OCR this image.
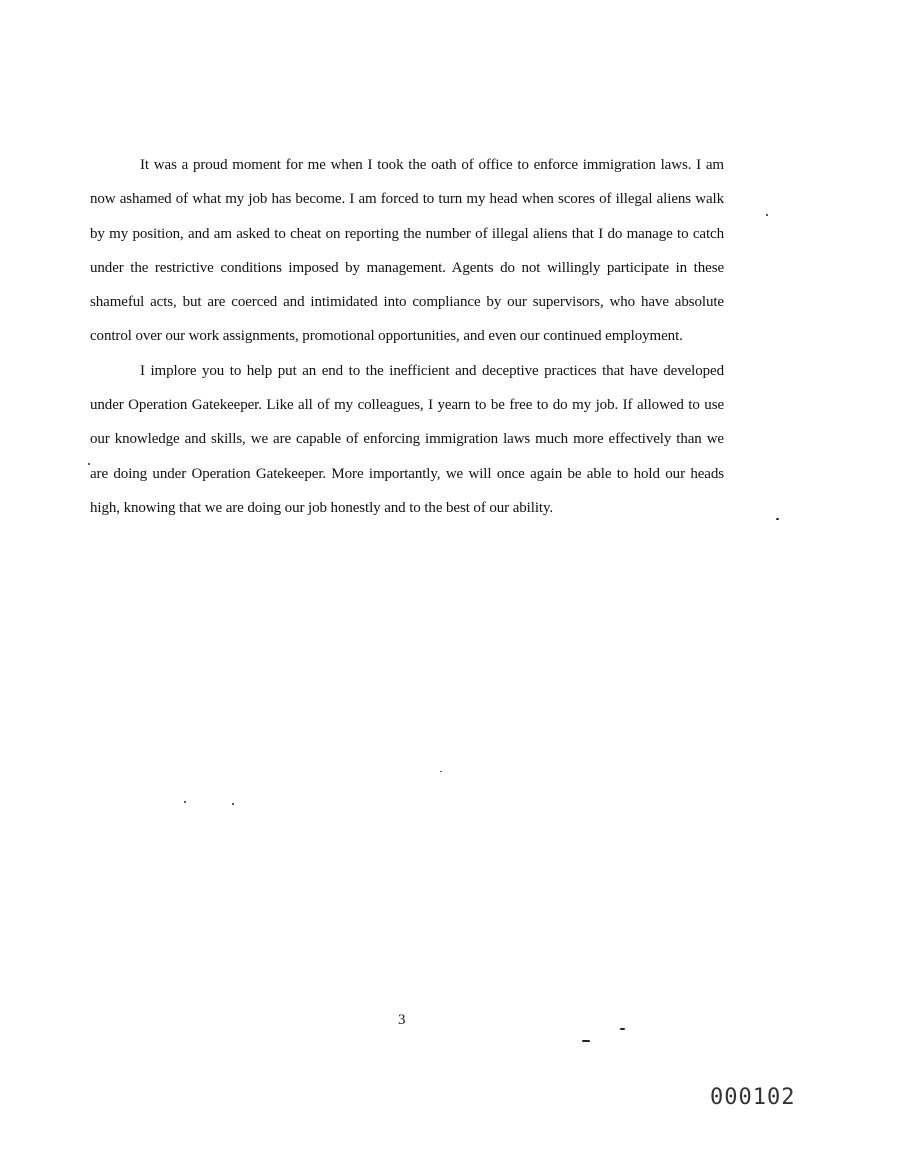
It was a proud moment for me when I took the oath of office to enforce immigration laws. I am now ashamed of what my job has become. I am forced to turn my head when scores of illegal aliens walk by my position, and am asked to cheat on reporting the number of illegal aliens that I do manage to catch under the restrictive conditions imposed by management. Agents do not willingly participate in these shameful acts, but are coerced and intimidated into compliance by our supervisors, who have absolute control over our work assignments, promotional opportunities, and even our continued employment.

I implore you to help put an end to the inefficient and deceptive practices that have developed under Operation Gatekeeper. Like all of my colleagues, I yearn to be free to do my job. If allowed to use our knowledge and skills, we are capable of enforcing immigration laws much more effectively than we are doing under Operation Gatekeeper. More importantly, we will once again be able to hold our heads high, knowing that we are doing our job honestly and to the best of our ability.

3
000102
